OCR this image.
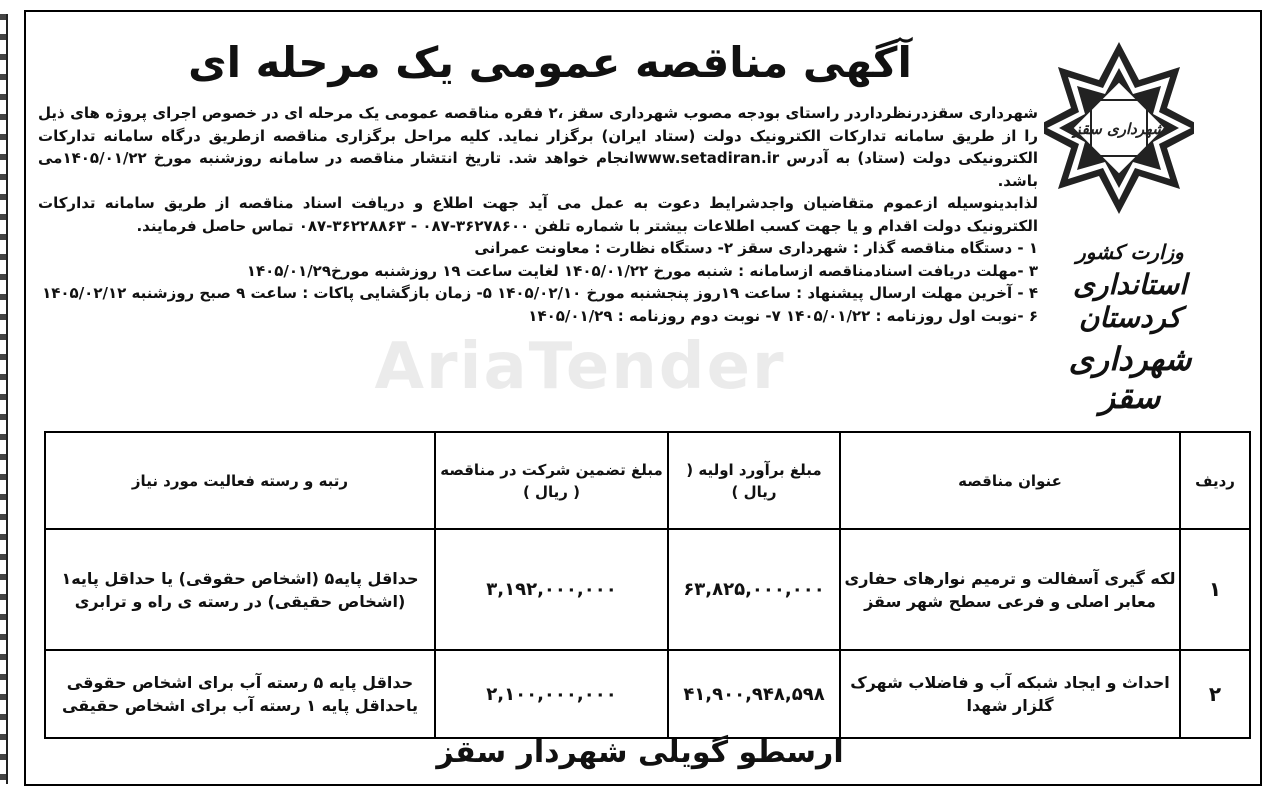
شهرداری سقز
وزارت کشور
استانداری کردستان
شهرداری سقز
آگهی مناقصه عمومی یک مرحله ای

شهرداری سقزدرنظرداردر راستای بودجه مصوب شهرداری سقز ،۲ فقره مناقصه عمومی یک مرحله ای در خصوص اجرای پروژه های ذیل را از طریق سامانه تدارکات الکترونیک دولت (ستاد ایران) برگزار نماید. کلیه مراحل برگزاری مناقصه ازطریق درگاه سامانه تدارکات الکترونیکی دولت (ستاد) به آدرس www.setadiran.irانجام خواهد شد. تاریخ انتشار مناقصه در سامانه روزشنبه مورخ ۱۴۰۵/۰۱/۲۲می باشد.

لذابدینوسیله ازعموم متقاضیان واجدشرایط دعوت به عمل می آید جهت اطلاع و دریافت اسناد مناقصه از طریق سامانه تدارکات الکترونیک دولت اقدام و یا جهت کسب اطلاعات بیشتر با شماره تلفن ۳۶۲۷۸۶۰۰-۰۸۷ - ۳۶۲۲۸۸۶۳-۰۸۷ تماس حاصل فرمایند.

۱ - دستگاه مناقصه گذار : شهرداری سقز ۲- دستگاه نظارت : معاونت عمرانی

۳ -مهلت دریافت اسنادمناقصه ازسامانه : شنبه مورخ ۱۴۰۵/۰۱/۲۲ لغایت ساعت ۱۹ روزشنبه مورخ۱۴۰۵/۰۱/۲۹

۴ - آخرین مهلت ارسال پیشنهاد : ساعت ۱۹روز پنجشنبه مورخ ۱۴۰۵/۰۲/۱۰ ۵- زمان بازگشایی پاکات : ساعت ۹ صبح روزشنبه ۱۴۰۵/۰۲/۱۲

۶ -نوبت اول روزنامه : ۱۴۰۵/۰۱/۲۲ ۷- نوبت دوم روزنامه : ۱۴۰۵/۰۱/۲۹

ردیف	عنوان مناقصه	مبلغ برآورد اولیه ( ریال )	مبلغ تضمین شرکت در مناقصه ( ریال )	رتبه و رسته فعالیت مورد نیاز
۱	لکه گیری آسفالت و ترمیم نوارهای حفاری معابر اصلی و فرعی سطح شهر سقز	۶۳,۸۲۵,۰۰۰,۰۰۰	۳,۱۹۲,۰۰۰,۰۰۰	حداقل پایه۵ (اشخاص حقوقی) یا حداقل پایه۱ (اشخاص حقیقی) در رسته ی راه و ترابری
۲	احداث و ایجاد شبکه آب و فاضلاب شهرک گلزار شهدا	۴۱,۹۰۰,۹۴۸,۵۹۸	۲,۱۰۰,۰۰۰,۰۰۰	حداقل پایه ۵ رسته آب برای اشخاص حقوقی یاحداقل پایه ۱ رسته آب برای اشخاص حقیقی
ارسطو گویلی شهردار سقز
